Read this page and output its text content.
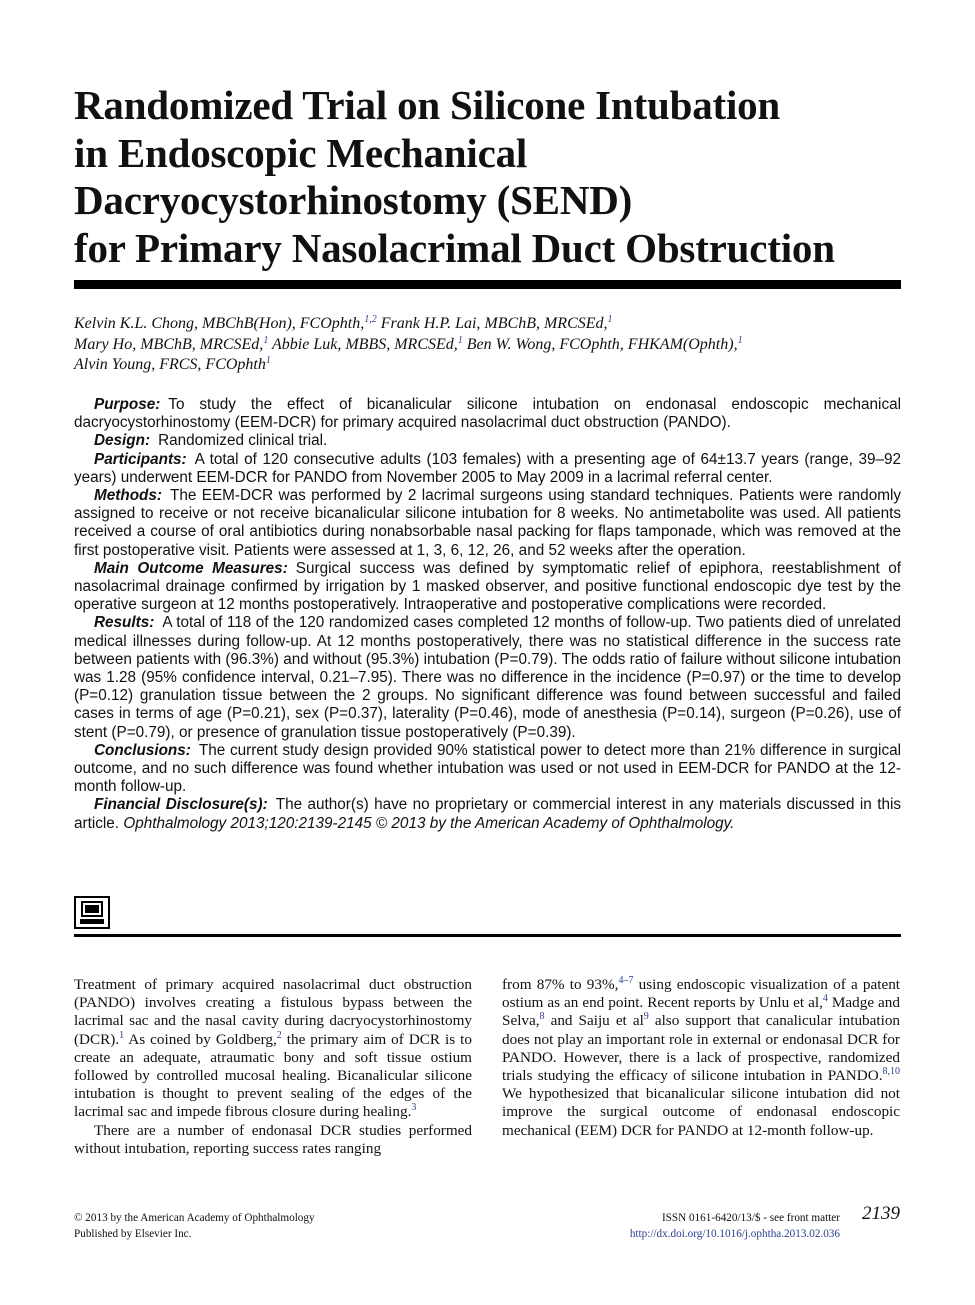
Randomized Trial on Silicone Intubation
in Endoscopic Mechanical
Dacryocystorhinostomy (SEND)
for Primary Nasolacrimal Duct Obstruction
Kelvin K.L. Chong, MBChB(Hon), FCOphth,$^{1,2}$ Frank H.P. Lai, MBChB, MRCSEd,$^1$
Mary Ho, MBChB, MRCSEd,$^1$ Abbie Luk, MBBS, MRCSEd,$^1$ Ben W. Wong, FCOphth, FHKAM(Ophth),$^1$
Alvin Young, FRCS, FCOphth$^1$

Purpose: To study the effect of bicanalicular silicone intubation on endonasal endoscopic mechanical dacryocystorhinostomy (EEM-DCR) for primary acquired nasolacrimal duct obstruction (PANDO).

Design: Randomized clinical trial.

Participants: A total of 120 consecutive adults (103 females) with a presenting age of 64±13.7 years (range, 39–92 years) underwent EEM-DCR for PANDO from November 2005 to May 2009 in a lacrimal referral center.

Methods: The EEM-DCR was performed by 2 lacrimal surgeons using standard techniques. Patients were randomly assigned to receive or not receive bicanalicular silicone intubation for 8 weeks. No antimetabolite was used. All patients received a course of oral antibiotics during nonabsorbable nasal packing for flaps tamponade, which was removed at the first postoperative visit. Patients were assessed at 1, 3, 6, 12, 26, and 52 weeks after the operation.

Main Outcome Measures: Surgical success was defined by symptomatic relief of epiphora, reestablishment of nasolacrimal drainage confirmed by irrigation by 1 masked observer, and positive functional endoscopic dye test by the operative surgeon at 12 months postoperatively. Intraoperative and postoperative complications were recorded.

Results: A total of 118 of the 120 randomized cases completed 12 months of follow-up. Two patients died of unrelated medical illnesses during follow-up. At 12 months postoperatively, there was no statistical difference in the success rate between patients with (96.3%) and without (95.3%) intubation (P=0.79). The odds ratio of failure without silicone intubation was 1.28 (95% confidence interval, 0.21–7.95). There was no difference in the incidence (P=0.97) or the time to develop (P=0.12) granulation tissue between the 2 groups. No significant difference was found between successful and failed cases in terms of age (P=0.21), sex (P=0.37), laterality (P=0.46), mode of anesthesia (P=0.14), surgeon (P=0.26), use of stent (P=0.79), or presence of granulation tissue postoperatively (P=0.39).

Conclusions: The current study design provided 90% statistical power to detect more than 21% difference in surgical outcome, and no such difference was found whether intubation was used or not used in EEM-DCR for PANDO at the 12-month follow-up.

Financial Disclosure(s): The author(s) have no proprietary or commercial interest in any materials discussed in this article. Ophthalmology 2013;120:2139-2145 © 2013 by the American Academy of Ophthalmology.

Treatment of primary acquired nasolacrimal duct obstruction (PANDO) involves creating a fistulous bypass between the lacrimal sac and the nasal cavity during dacryocystorhinostomy (DCR).$^1$ As coined by Goldberg,$^2$ the primary aim of DCR is to create an adequate, atraumatic bony and soft tissue ostium followed by controlled mucosal healing. Bicanalicular silicone intubation is thought to prevent sealing of the edges of the lacrimal sac and impede fibrous closure during healing.$^3$

There are a number of endonasal DCR studies performed without intubation, reporting success rates ranging

from 87% to 93%,$^{4-7}$ using endoscopic visualization of a patent ostium as an end point. Recent reports by Unlu et al,$^4$ Madge and Selva,$^8$ and Saiju et $al^9$ also support that canalicular intubation does not play an important role in external or endonasal DCR for PANDO. However, there is a lack of prospective, randomized trials studying the efficacy of silicone intubation in PANDO.$^{8,10}$ We hypothesized that bicanalicular silicone intubation did not improve the surgical outcome of endonasal endoscopic mechanical (EEM) DCR for PANDO at 12-month follow-up.

© 2013 by the American Academy of Ophthalmology
Published by Elsevier Inc.
ISSN 0161-6420/13/$ - see front matter
http://dx.doi.org/10.1016/j.ophtha.2013.02.036
2139
